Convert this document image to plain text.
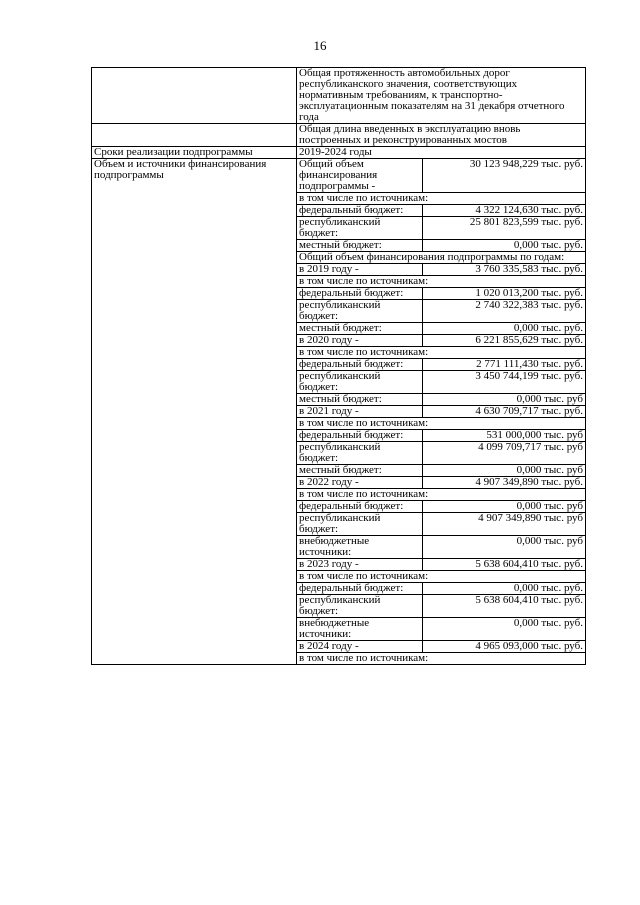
16
	Общая протяженность автомобильных дорог республиканского значения, соответствующих нормативным требованиям, к транспортно-эксплуатационным показателям на 31 декабря отчетного года	
	Общая длина введенных в эксплуатацию вновь построенных и реконструированных мостов	
Сроки реализации подпрограммы	2019-2024 годы	
Объем и источники финансирования подпрограммы	Общий объем финансирования подпрограммы -	30 123 948,229 тыс. руб.
	в том числе по источникам:	
	федеральный бюджет:	4 322 124,630 тыс. руб.
	республиканский бюджет:	25 801 823,599 тыс. руб.
	местный бюджет:	0,000 тыс. руб.
	Общий объем финансирования подпрограммы по годам:	
	в 2019 году -	3 760 335,583 тыс. руб.
	в том числе по источникам:	
	федеральный бюджет:	1 020 013,200 тыс. руб.
	республиканский бюджет:	2 740 322,383 тыс. руб.
	местный бюджет:	0,000 тыс. руб.
	в 2020 году -	6 221 855,629 тыс. руб.
	в том числе по источникам:	
	федеральный бюджет:	2 771 111,430 тыс. руб.
	республиканский бюджет:	3 450 744,199 тыс. руб.
	местный бюджет:	0,000 тыс. руб
	в 2021 году -	4 630 709,717 тыс. руб.
	в том числе по источникам:	
	федеральный бюджет:	531 000,000 тыс. руб
	республиканский бюджет:	4 099 709,717 тыс. руб
	местный бюджет:	0,000 тыс. руб
	в 2022 году -	4 907 349,890 тыс. руб.
	в том числе по источникам:	
	федеральный бюджет:	0,000 тыс. руб
	республиканский бюджет:	4 907 349,890 тыс. руб
	внебюджетные источники:	0,000 тыс. руб
	в 2023 году -	5 638 604,410 тыс. руб.
	в том числе по источникам:	
	федеральный бюджет:	0,000 тыс. руб.
	республиканский бюджет:	5 638 604,410 тыс. руб.
	внебюджетные источники:	0,000 тыс. руб.
	в 2024 году -	4 965 093,000 тыс. руб.
	в том числе по источникам:	
